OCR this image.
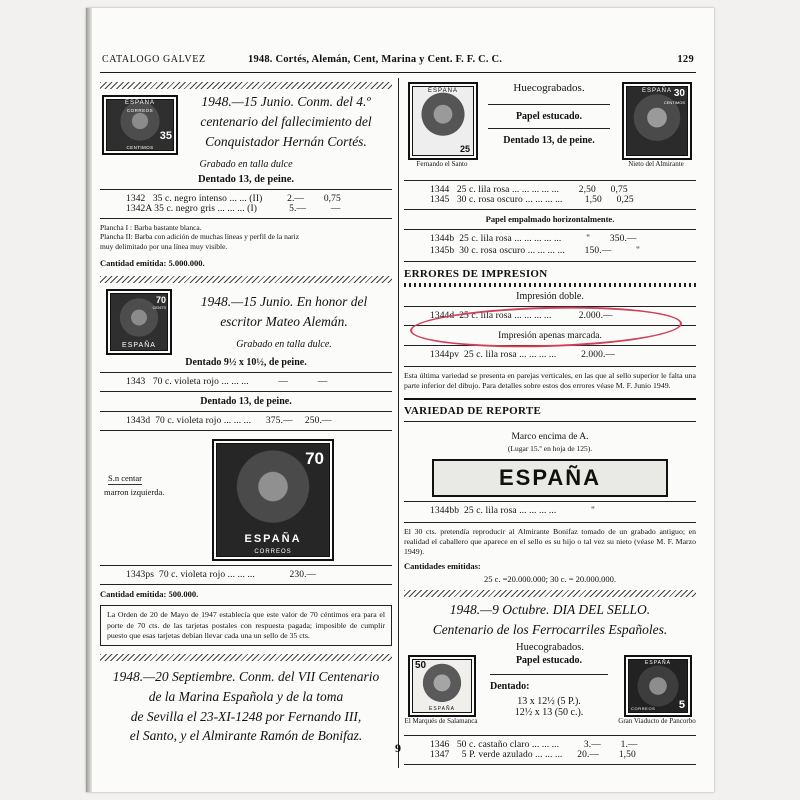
CATALOGO GALVEZ	1948. Cortés, Alemán, Cent, Marina y Cent. F. F. C. C.	129
ESPAÑA
CORREOS
35
CENTIMOS
1948.—15 Junio. Conm. del 4.º
centenario del fallecimiento del
Conquistador Hernán Cortés.
Grabado en talla dulce
Dentado 13, de peine.
1342   35 c. negro intenso ... ... (II)          2.—        0,75
1342A 35 c. negro gris ... ... ... (I)             5.—          —
Plancha I : Barba bastante blanca.
Plancha II: Barba con adición de muchas líneas y perfil de la nariz
muy delimitado por una línea muy visible.
Cantidad emitida: 5.000.000.
70
CENTS
ESPAÑA
1948.—15 Junio. En honor del
escritor Mateo Alemán.
Grabado en talla dulce.
Dentado 9½ x 10½, de peine.
1343   70 c. violeta rojo ... ... ...            —            —
Dentado 13, de peine.
1343d  70 c. violeta rojo ... ... ...      375.—     250.—
S.n centar
marron izquierda.
70
ESPAÑA
CORREOS
1343ps  70 c. violeta rojo ... ... ...              230.—
Cantidad emitida: 500.000.
La Orden de 20 de Mayo de 1947 establecía que este valor de 70 céntimos era para el porte de 70 cts. de las tarjetas postales con respuesta pagada; imposible de cumplir puesto que esas tarjetas debían llevar cada una un sello de 35 cts.
1948.—20 Septiembre. Conm. del VII Centenario
de la Marina Española y de la toma
de Sevilla el 23-XI-1248 por Fernando III,
el Santo, y el Almirante Ramón de Bonifaz.
ESPAÑA
25
Fernando el Santo
Huecograbados.
Papel estucado.
Dentado 13, de peine.
ESPAÑA 30
CENTIMOS
Nieto del Almirante
1344   25 c. lila rosa ... ... ... ... ...        2,50      0,75
1345   30 c. rosa oscuro ... ... ... ...         1,50      0,25
Papel empalmado horizontalmente.
1344b  25 c. lila rosa ... ... ... ... ...          "        350.—
1345b  30 c. rosa oscuro ... ... ... ...        150.—          "
ERRORES DE IMPRESION
Impresión doble.
1344d  25 c. lila rosa ... ... ... ...           2.000.—
Impresión apenas marcada.
1344pv  25 c. lila rosa ... ... ... ...          2.000.—
Esta última variedad se presenta en parejas verticales, en las que al sello superior le falta una parte inferior del dibujo. Para detalles sobre estos dos errores véase M. F. Junio 1949.
VARIEDAD DE REPORTE
Marco encima de A.
(Lugar 15.º en hoja de 125).
ESPAÑA
1344bb  25 c. lila rosa ... ... ... ...              "
El 30 cts. pretendía reproducir al Almirante Bonifaz tomado de un grabado antiguo; en realidad el caballero que aparece en el sello es su hijo o tal vez su nieto (véase M. F. Marzo 1949).
Cantidades emitidas:
25 c. =20.000.000; 30 c. = 20.000.000.
1948.—9 Octubre. DIA DEL SELLO.
Centenario de los Ferrocarriles Españoles.
Huecograbados.
50
ESPAÑA
El Marqués de Salamanca
Papel estucado.
Dentado:
13 x 12½ (5 P.).
12½ x 13 (50 c.).
ESPAÑA
5
CORREOS
Gran Viaducto de Pancorbo
1346   50 c. castaño claro ... ... ...          3.—        1.—
1347     5 P. verde azulado ... ... ...      20.—        1,50
9
